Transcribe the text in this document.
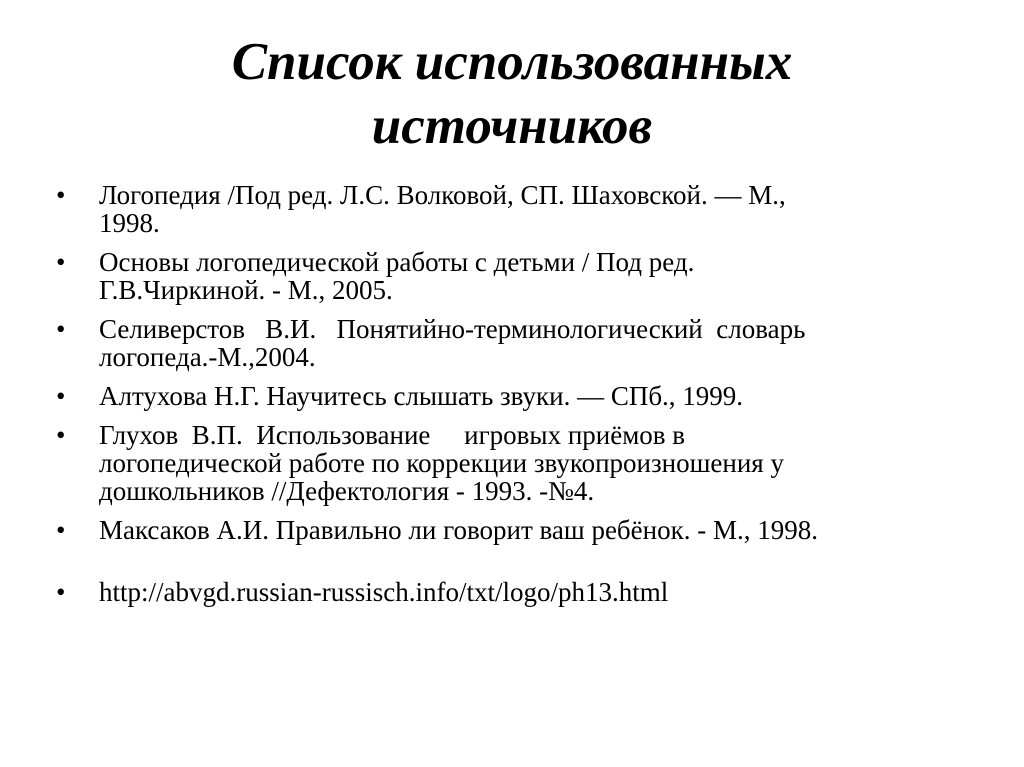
Список использованных
источников
•	Логопедия /Под ред. Л.С. Волковой, СП. Шаховской. — М.,
1998.
•	Основы логопедической работы с детьми / Под ред.
Г.В.Чиркиной. - М., 2005.
•	Селиверстов   В.И.   Понятийно-терминологический  словарь
логопеда.-М.,2004.
•	Алтухова Н.Г. Научитесь слышать звуки. — СПб., 1999.
•	Глухов  В.П.  Использование     игровых приёмов в
логопедической работе по коррекции звукопроизношения у
дошкольников //Дефектология - 1993. -№4.
•	Максаков А.И. Правильно ли говорит ваш ребёнок. - М., 1998.
•	http://abvgd.russian-russisch.info/txt/logo/ph13.html
